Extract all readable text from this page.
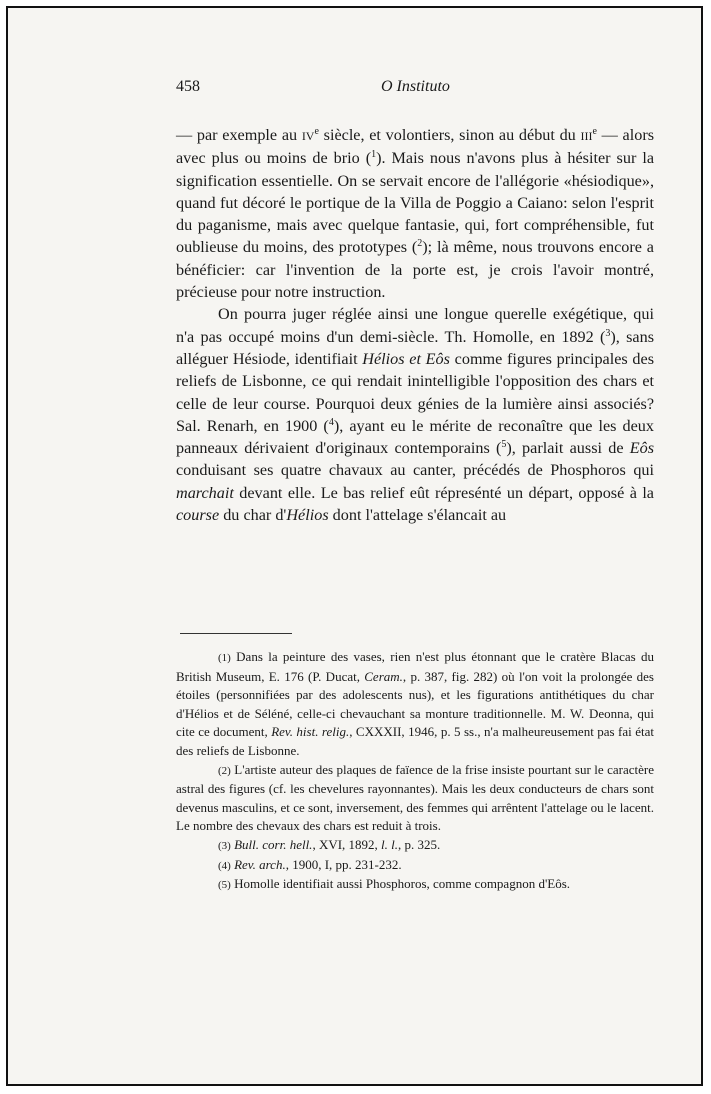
458	O Instituto

— par exemple au IVe siècle, et volontiers, sinon au début du IIIe — alors avec plus ou moins de brio ($^1$). Mais nous n'avons plus à hésiter sur la signification essentielle. On se servait encore de l'allégorie «hésiodique», quand fut décoré le portique de la Villa de Poggio a Caiano: selon l'esprit du paganisme, mais avec quelque fantasie, qui, fort compréhensible, fut oublieuse du moins, des prototypes ($^2$); là même, nous trouvons encore a bénéficier: car l'invention de la porte est, je crois l'avoir montré, précieuse pour notre instruction.

On pourra juger réglée ainsi une longue querelle exégétique, qui n'a pas occupé moins d'un demi-siècle. Th. Homolle, en 1892 ($^3$), sans alléguer Hésiode, identifiait Hélios et Eôs comme figures principales des reliefs de Lisbonne, ce qui rendait inintelligible l'opposition des chars et celle de leur course. Pourquoi deux génies de la lumière ainsi associés? Sal. Renarh, en 1900 ($^4$), ayant eu le mérite de reconaître que les deux panneaux dérivaient d'originaux contemporains ($^5$), parlait aussi de Eôs conduisant ses quatre chavaux au canter, précédés de Phosphoros qui marchait devant elle. Le bas relief eût répresénté un départ, opposé à la course du char d'Hélios dont l'attelage s'élancait au

(1) Dans la peinture des vases, rien n'est plus étonnant que le cratère Blacas du British Museum, E. 176 (P. Ducat, Ceram., p. 387, fig. 282) où l'on voit la prolongée des étoiles (personnifiées par des adolescents nus), et les figurations antithétiques du char d'Hélios et de Séléné, celle-ci chevauchant sa monture traditionnelle. M. W. Deonna, qui cite ce document, Rev. hist. relig., CXXXII, 1946, p. 5 ss., n'a malheureusement pas fai état des reliefs de Lisbonne.

(2) L'artiste auteur des plaques de faïence de la frise insiste pourtant sur le caractère astral des figures (cf. les chevelures rayonnantes). Mais les deux conducteurs de chars sont devenus masculins, et ce sont, inversement, des femmes qui arrêntent l'attelage ou le lacent. Le nombre des chevaux des chars est reduit à trois.

(3) Bull. corr. hell., XVI, 1892, l. l., p. 325.

(4) Rev. arch., 1900, I, pp. 231-232.

(5) Homolle identifiait aussi Phosphoros, comme compagnon d'Eôs.
